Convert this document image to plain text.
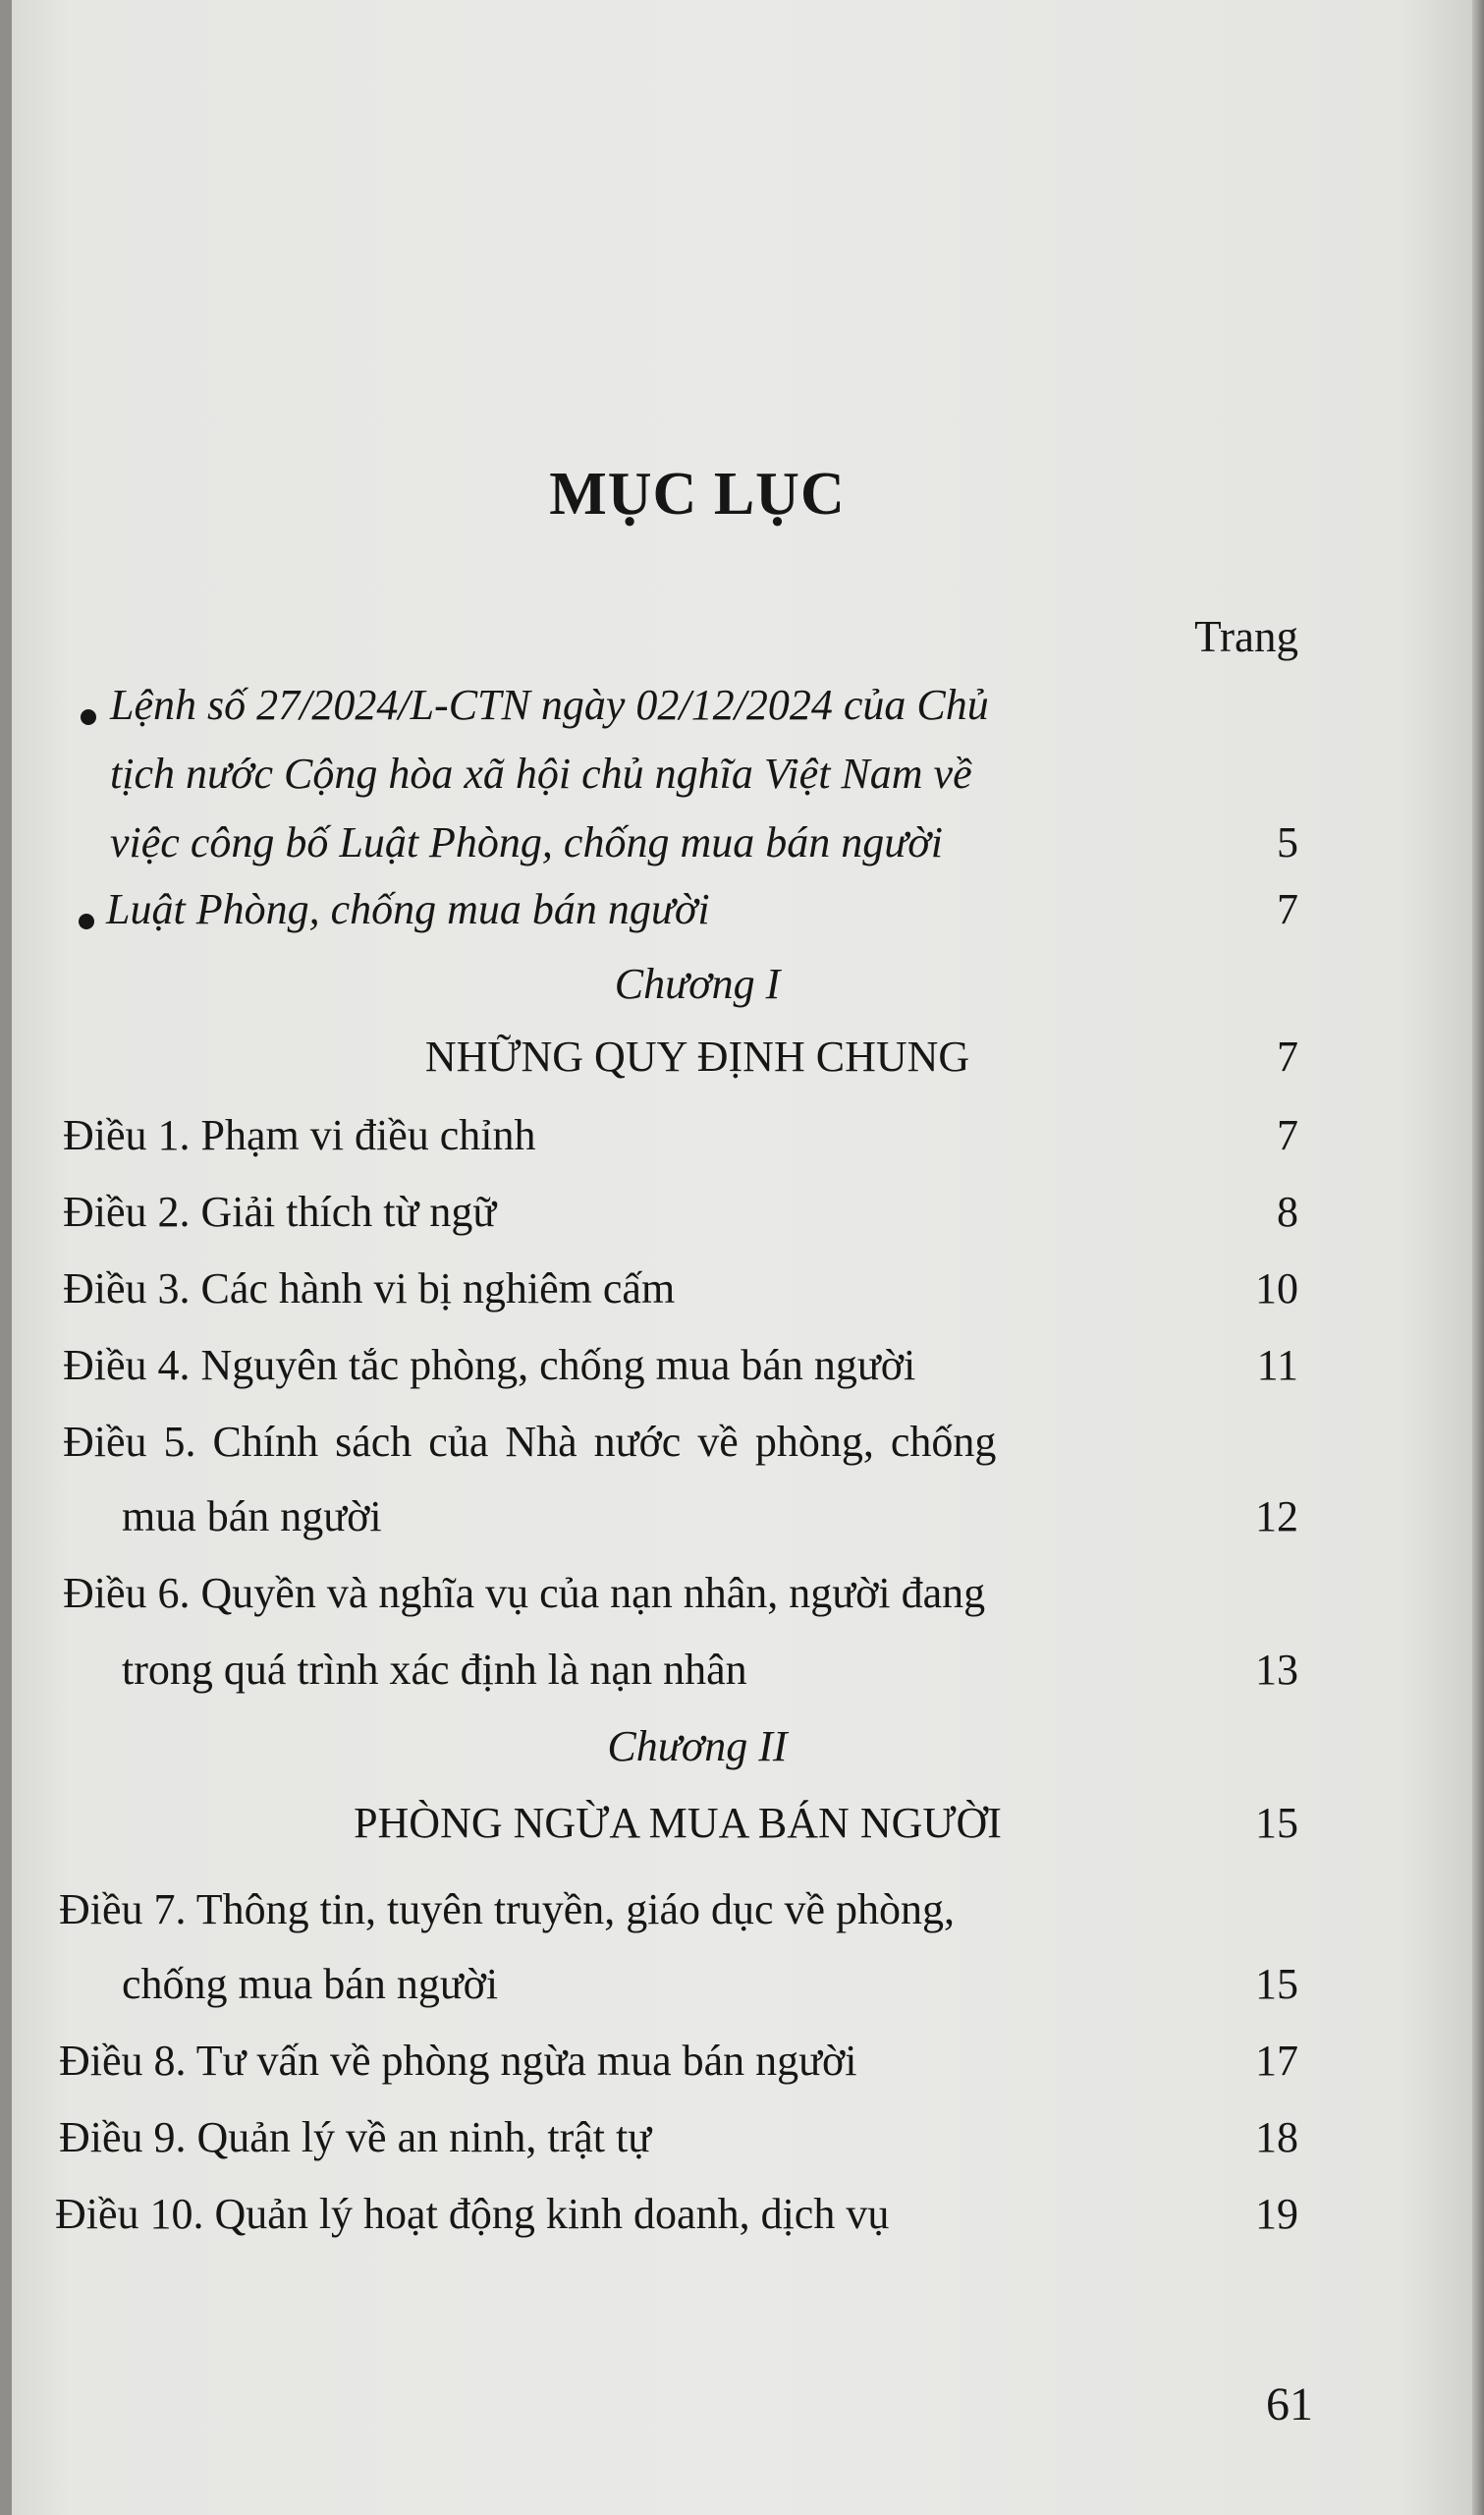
MỤC LỤC
Trang
Lệnh số 27/2024/L-CTN ngày 02/12/2024 của Chủ
tịch nước Cộng hòa xã hội chủ nghĩa Việt Nam về
việc công bố Luật Phòng, chống mua bán người	5
Luật Phòng, chống mua bán người	7
Chương I
NHỮNG QUY ĐỊNH CHUNG	7
Điều 1. Phạm vi điều chỉnh	7
Điều 2. Giải thích từ ngữ	8
Điều 3. Các hành vi bị nghiêm cấm	10
Điều 4. Nguyên tắc phòng, chống mua bán người	11
Điều 5. Chính sách của Nhà nước về phòng, chống
mua bán người	12
Điều 6. Quyền và nghĩa vụ của nạn nhân, người đang
trong quá trình xác định là nạn nhân	13
Chương II
PHÒNG NGỪA MUA BÁN NGƯỜI	15
Điều 7. Thông tin, tuyên truyền, giáo dục về phòng,
chống mua bán người	15
Điều 8. Tư vấn về phòng ngừa mua bán người	17
Điều 9. Quản lý về an ninh, trật tự	18
Điều 10. Quản lý hoạt động kinh doanh, dịch vụ	19
61
